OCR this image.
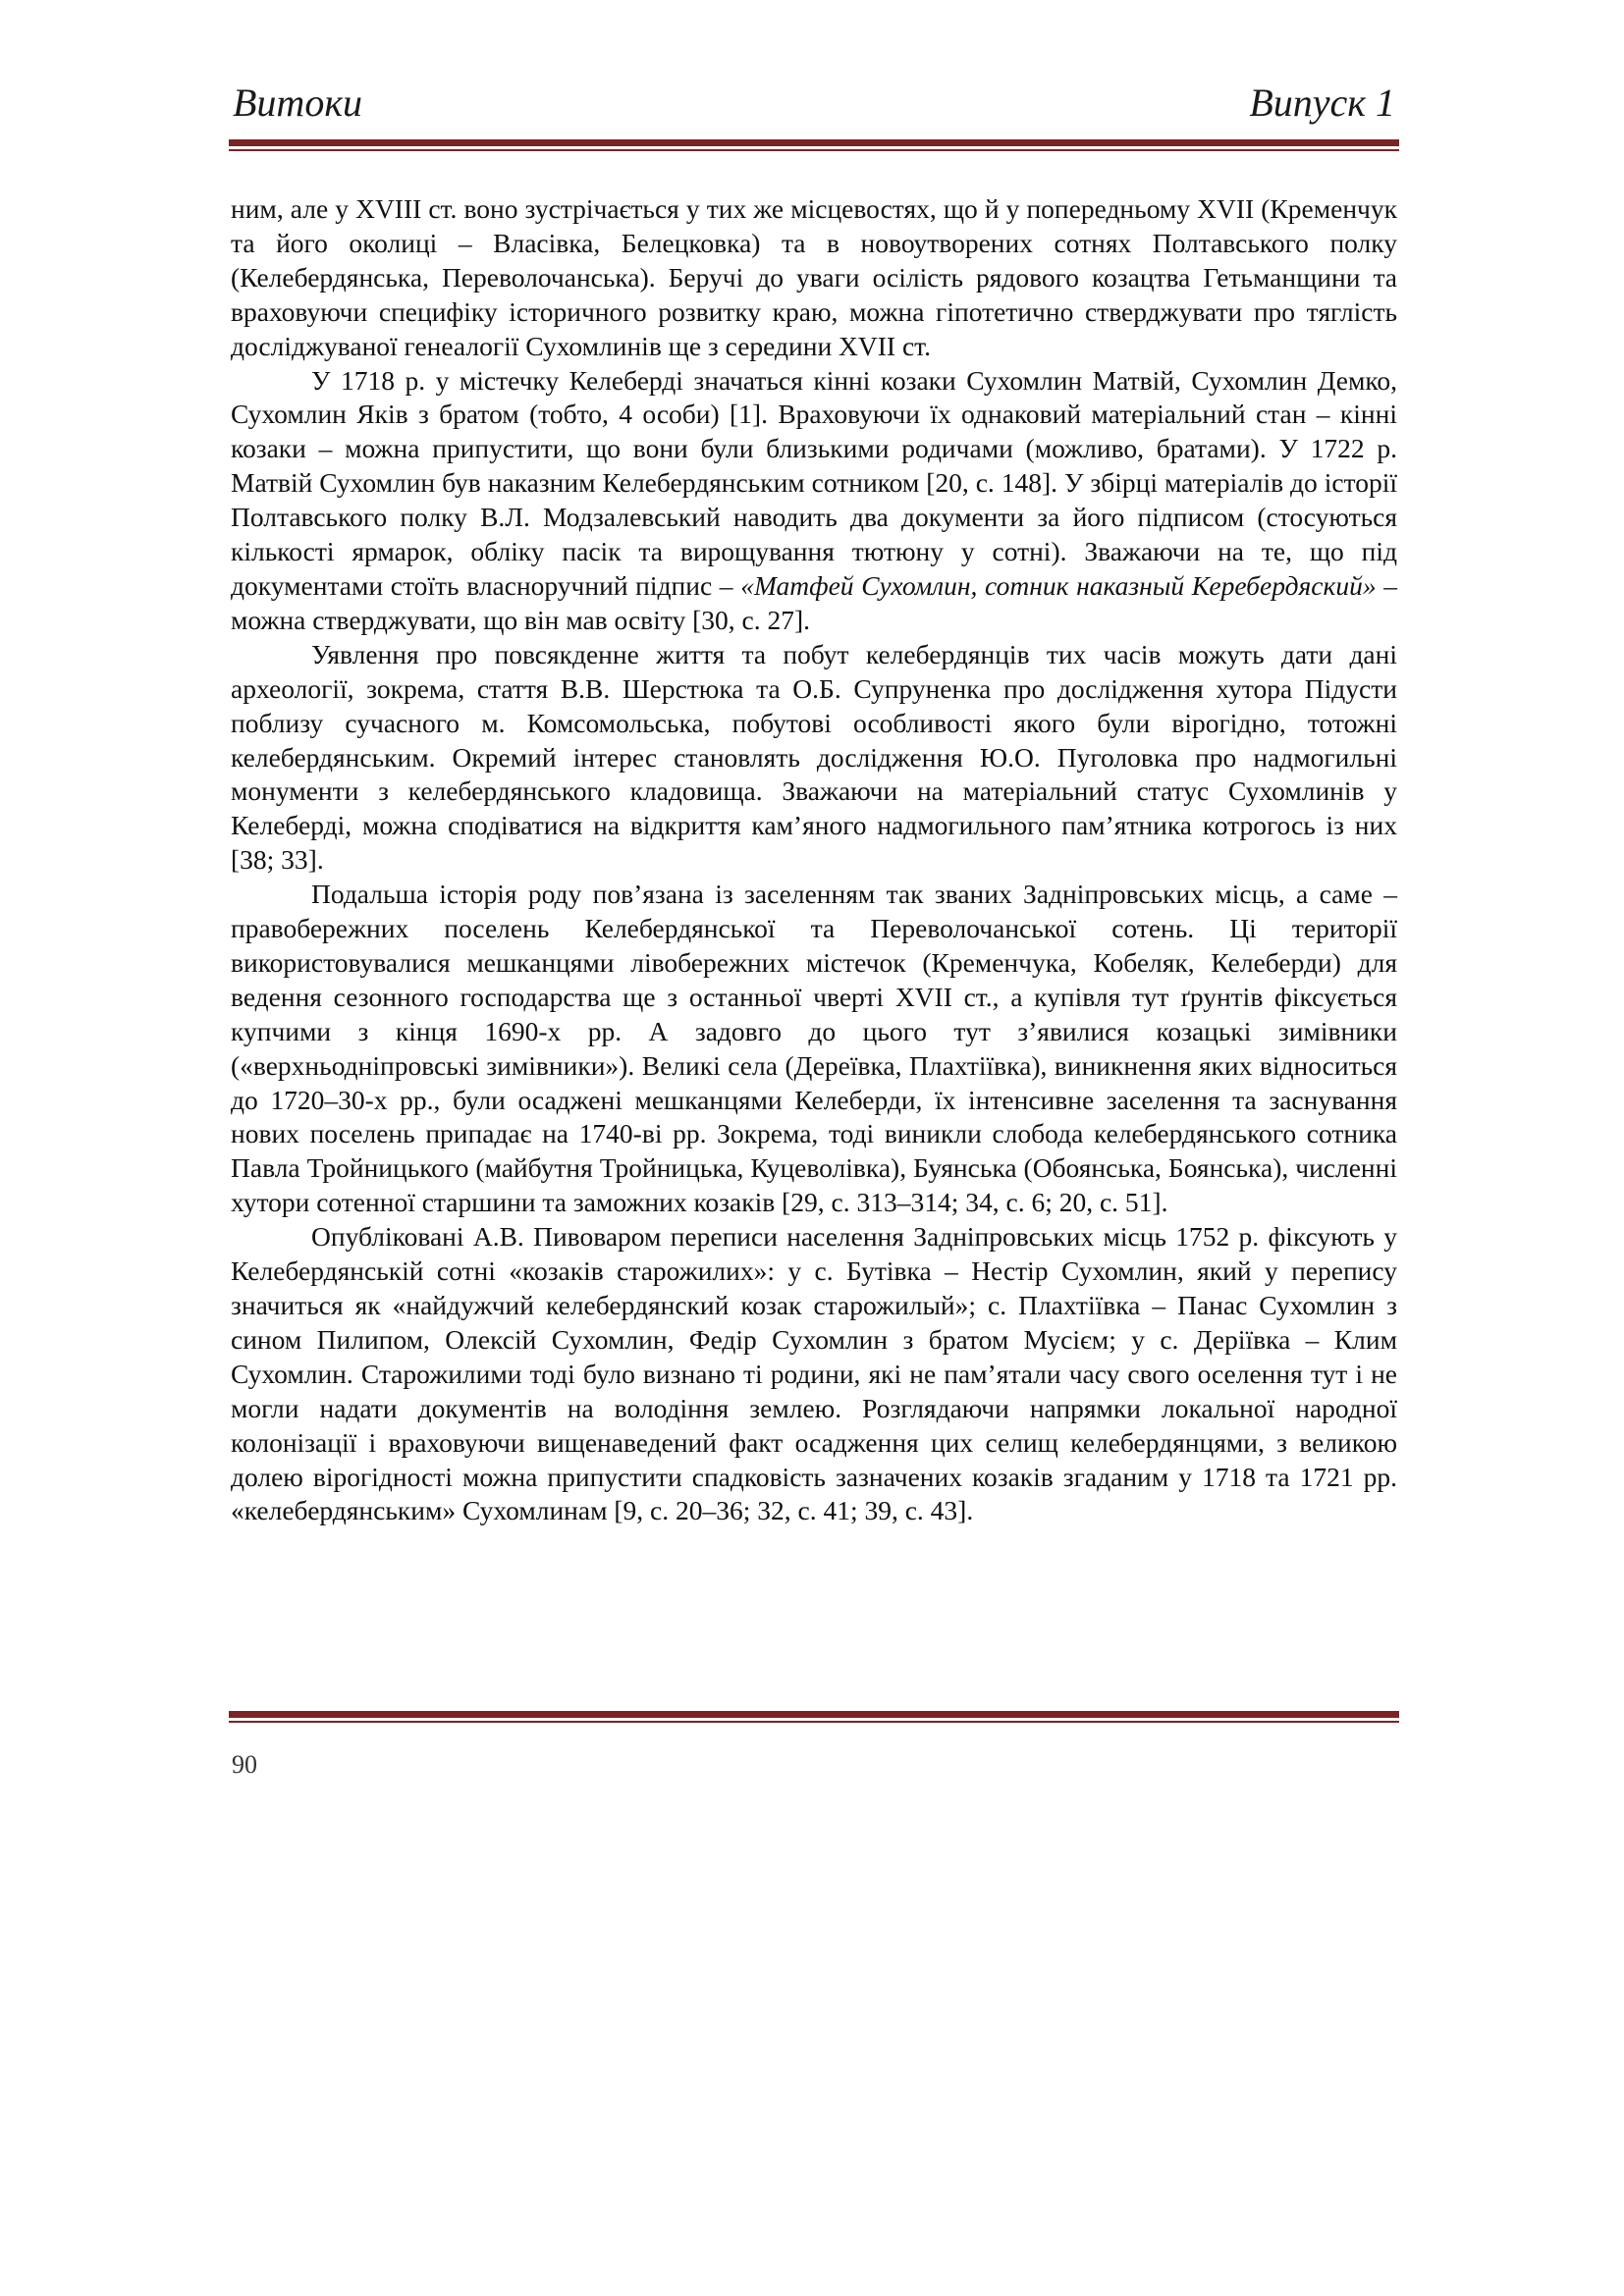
Витоки	Випуск 1

ним, але у XVIII ст. воно зустрічається у тих же місцевостях, що й у попередньому XVII (Кременчук та його околиці – Власівка, Белецковка) та в новоутворених сотнях Полтавського полку (Келебердянська, Переволочанська). Беручі до уваги осілість рядового козацтва Гетьманщини та враховуючи специфіку історичного розвитку краю, можна гіпотетично стверджувати про тяглість досліджуваної генеалогії Сухомлинів ще з середини XVII ст.

У 1718 р. у містечку Келеберді значаться кінні козаки Сухомлин Матвій, Сухомлин Демко, Сухомлин Яків з братом (тобто, 4 особи) [1]. Враховуючи їх однаковий матеріальний стан – кінні козаки – можна припустити, що вони були близькими родичами (можливо, братами). У 1722 р. Матвій Сухомлин був наказним Келебердянським сотником [20, с. 148]. У збірці матеріалів до історії Полтавського полку В.Л. Модзалевський наводить два документи за його підписом (стосуються кількості ярмарок, обліку пасік та вирощування тютюну у сотні). Зважаючи на те, що під документами стоїть власноручний підпис – «Матфей Сухомлин, сотник наказный Керебердяский» – можна стверджувати, що він мав освіту [30, с. 27].

Уявлення про повсякденне життя та побут келебердянців тих часів можуть дати дані археології, зокрема, стаття В.В. Шерстюка та О.Б. Супруненка про дослідження хутора Підусти поблизу сучасного м. Комсомольська, побутові особливості якого були вірогідно, тотожні келебердянським. Окремий інтерес становлять дослідження Ю.О. Пуголовка про надмогильні монументи з келебердянського кладовища. Зважаючи на матеріальний статус Сухомлинів у Келеберді, можна сподіватися на відкриття кам’яного надмогильного пам’ятника котрогось із них [38; 33].

Подальша історія роду пов’язана із заселенням так званих Задніпровських місць, а саме – правобережних поселень Келебердянської та Переволочанської сотень. Ці території використовувалися мешканцями лівобережних містечок (Кременчука, Кобеляк, Келеберди) для ведення сезонного господарства ще з останньої чверті XVII ст., а купівля тут ґрунтів фіксується купчими з кінця 1690-х рр. А задовго до цього тут з’явилися козацькі зимівники («верхньодніпровські зимівники»). Великі села (Дереївка, Плахтіївка), виникнення яких відноситься до 1720–30-х рр., були осаджені мешканцями Келеберди, їх інтенсивне заселення та заснування нових поселень припадає на 1740-ві рр. Зокрема, тоді виникли слобода келебердянського сотника Павла Тройницького (майбутня Тройницька, Куцеволівка), Буянська (Обоянська, Боянська), численні хутори сотенної старшини та заможних козаків [29, с. 313–314; 34, с. 6; 20, с. 51].

Опубліковані А.В. Пивоваром переписи населення Задніпровських місць 1752 р. фіксують у Келебердянській сотні «козаків старожилих»: у с. Бутівка – Нестір Сухомлин, який у перепису значиться як «найдужчий келебердянский козак старожилый»; с. Плахтіївка – Панас Сухомлин з сином Пилипом, Олексій Сухомлин, Федір Сухомлин з братом Мусієм; у с. Деріївка – Клим Сухомлин. Старожилими тоді було визнано ті родини, які не пам’ятали часу свого оселення тут і не могли надати документів на володіння землею. Розглядаючи напрямки локальної народної колонізації і враховуючи вищенаведений факт осадження цих селищ келебердянцями, з великою долею вірогідності можна припустити спадковість зазначених козаків згаданим у 1718 та 1721 рр. «келебердянським» Сухомлинам [9, с. 20–36; 32, с. 41; 39, с. 43].

90
